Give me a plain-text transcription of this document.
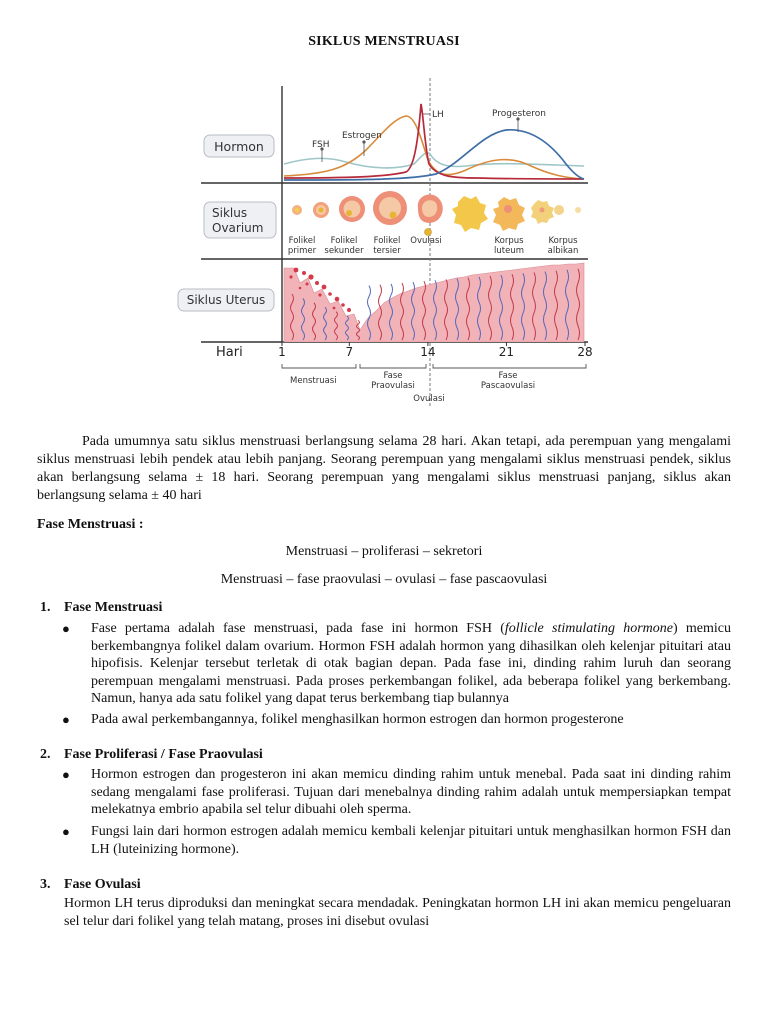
SIKLUS MENSTRUASI
Hormon
Siklus
Ovarium
Siklus Uterus
FSH
Estrogen
LH	Progesteron
Folikel
primer
Folikel
sekunder
Folikel
tersier
Ovulasi	Korpus
luteum
Korpus
albikan
Hari	1	7	14	21	28
Menstruasi	Fase
Praovulasi
Fase
Pascaovulasi
Ovulasi
Pada umumnya satu siklus menstruasi berlangsung selama 28 hari. Akan tetapi, ada perempuan yang mengalami siklus menstruasi lebih pendek atau lebih panjang. Seorang perempuan yang mengalami siklus menstruasi pendek, siklus akan berlangsung selama ± 18 hari. Seorang perempuan yang mengalami siklus menstruasi panjang, siklus akan berlangsung selama ± 40 hari
Fase Menstruasi :
Menstruasi – proliferasi – sekretori
Menstruasi – fase praovulasi – ovulasi – fase pascaovulasi
1. Fase Menstruasi
● Fase pertama adalah fase menstruasi, pada fase ini hormon FSH (follicle stimulating hormone) memicu berkembangnya folikel dalam ovarium. Hormon FSH adalah hormon yang dihasilkan oleh kelenjar pituitari atau hipofisis. Kelenjar tersebut terletak di otak bagian depan. Pada fase ini, dinding rahim luruh dan seorang perempuan mengalami menstruasi. Pada proses perkembangan folikel, ada beberapa folikel yang berkembang. Namun, hanya ada satu folikel yang dapat terus berkembang tiap bulannya
● Pada awal perkembangannya, folikel menghasilkan hormon estrogen dan hormon progesterone
2. Fase Proliferasi / Fase Praovulasi
● Hormon estrogen dan progesteron ini akan memicu dinding rahim untuk menebal. Pada saat ini dinding rahim sedang mengalami fase proliferasi. Tujuan dari menebalnya dinding rahim adalah untuk mempersiapkan tempat melekatnya embrio apabila sel telur dibuahi oleh sperma.
● Fungsi lain dari hormon estrogen adalah memicu kembali kelenjar pituitari untuk menghasilkan hormon FSH dan LH (luteinizing hormone).
3. Fase Ovulasi
Hormon LH terus diproduksi dan meningkat secara mendadak. Peningkatan hormon LH ini akan memicu pengeluaran sel telur dari folikel yang telah matang, proses ini disebut ovulasi
